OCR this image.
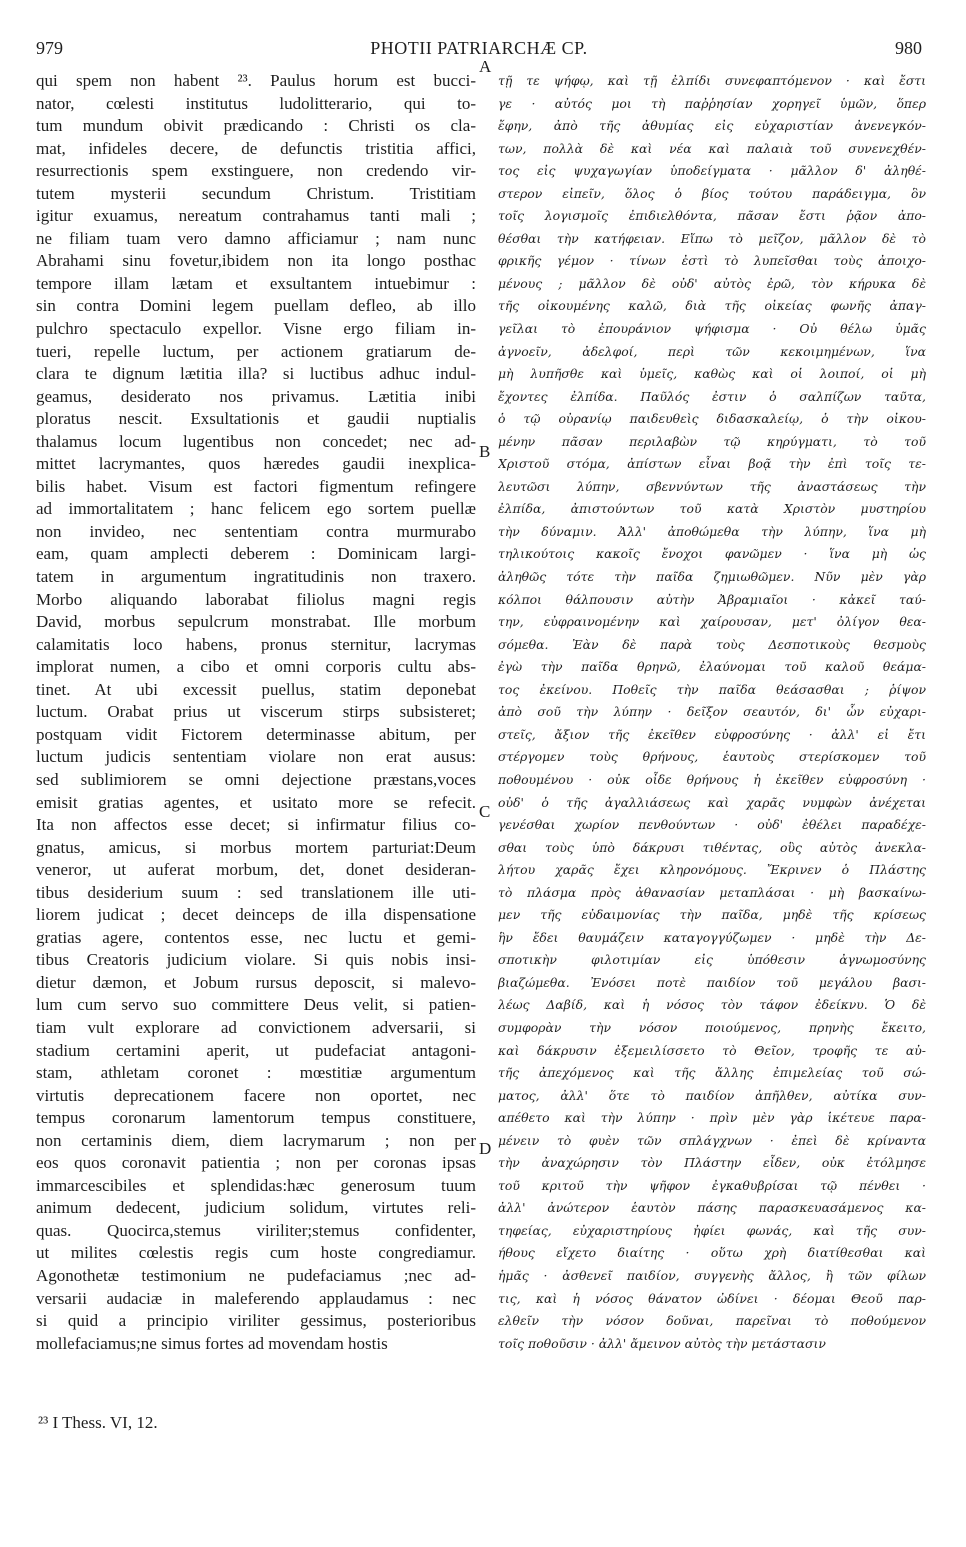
979	PHOTII PATRIARCHÆ CP.	980
qui spem non habent ²³. Paulus horum est bucci-
nator, cœlesti institutus ludolitterario, qui to-
tum mundum obivit prædicando : Christi os cla-
mat, infideles decere, de defunctis tristitia affici,
resurrectionis spem exstinguere, non credendo vir-
tutem mysterii secundum Christum. Tristitiam
igitur exuamus, nereatum contrahamus tanti mali ;
ne filiam tuam vero damno afficiamur ; nam nunc
Abrahami sinu fovetur,ibidem non ita longo posthac
tempore illam lætam et exsultantem intuebimur :
sin contra Domini legem puellam defleo, ab illo
pulchro spectaculo expellor. Visne ergo filiam in-
tueri, repelle luctum, per actionem gratiarum de-
clara te dignum lætitia illa? si luctibus adhuc indul-
geamus, desiderato nos privamus. Lætitia inibi
ploratus nescit. Exsultationis et gaudii nuptialis
thalamus locum lugentibus non concedet; nec ad-
mittet lacrymantes, quos hæredes gaudii inexplica-
bilis habet. Visum est factori figmentum refingere
ad immortalitatem ; hanc felicem ego sortem puellæ
non invideo, nec sententiam contra murmurabo
eam, quam amplecti deberem : Dominicam largi-
tatem in argumentum ingratitudinis non traxero.
Morbo aliquando laborabat filiolus magni regis
David, morbus sepulcrum monstrabat. Ille morbum
calamitatis loco habens, pronus sternitur, lacrymas
implorat numen, a cibo et omni corporis cultu abs-
tinet. At ubi excessit puellus, statim deponebat
luctum. Orabat prius ut viscerum stirps subsisteret;
postquam vidit Fictorem determinasse abitum, per
luctum judicis sententiam violare non erat ausus:
sed sublimiorem se omni dejectione præstans,voces
emisit gratias agentes, et usitato more se refecit.
Ita non affectos esse decet; si infirmatur filius co-
gnatus, amicus, si morbus mortem parturiat:Deum
veneror, ut auferat morbum, det, donet desideran-
tibus desiderium suum : sed translationem ille uti-
liorem judicat ; decet deinceps de illa dispensatione
gratias agere, contentos esse, nec luctu et gemi-
tibus Creatoris judicium violare. Si quis nobis insi-
dietur dæmon, et Jobum rursus deposcit, si malevo-
lum cum servo suo committere Deus velit, si patien-
tiam vult explorare ad convictionem adversarii, si
stadium certamini aperit, ut pudefaciat antagoni-
stam, athletam coronet : mœstitiæ argumentum
virtutis deprecationem facere non oportet, nec
tempus coronarum lamentorum tempus constituere,
non certaminis diem, diem lacrymarum ; non per
eos quos coronavit patientia ; non per coronas ipsas
immarcescibiles et splendidas:hæc generosum tuum
animum dedecent, judicium solidum, virtutes reli-
quas. Quocirca,stemus viriliter;stemus confidenter,
ut milites cœlestis regis cum hoste congrediamur.
Agonothetæ testimonium ne pudefaciamus ;nec ad-
versarii audaciæ in maleferendo applaudamus : nec
si quid a principio viriliter gessimus, posterioribus
mollefaciamus;ne simus fortes ad movendam hostis
τῇ τε ψήφῳ, καὶ τῇ ἐλπίδι συνεφαπτόμενον · καὶ ἔστι
γε · αὐτός μοι τὴ παῤῥησίαν χορηγεῖ ὑμῶν, ὅπερ
ἔφην, ἀπὸ τῆς ἀθυμίας εἰς εὐχαριστίαν ἀνενεγκόν-
των, πολλὰ δὲ καὶ νέα καὶ παλαιὰ τοῦ συνενεχθέν-
τος εἰς ψυχαγωγίαν ὑποδείγματα · μᾶλλον δ' ἀληθέ-
στερον εἰπεῖν, ὅλος ὁ βίος τούτου παράδειγμα, ὃν
τοῖς λογισμοῖς ἐπιδιελθόντα, πᾶσαν ἔστι ῥᾷον ἀπο-
θέσθαι τὴν κατήφειαν. Εἴπω τὸ μεῖζον, μᾶλλον δὲ τὸ
φρικῆς γέμον · τίνων ἐστὶ τὸ λυπεῖσθαι τοὺς ἀποιχο-
μένους ; μᾶλλον δὲ οὐδ' αὐτὸς ἐρῶ, τὸν κήρυκα δὲ
τῆς οἰκουμένης καλῶ, διὰ τῆς οἰκείας φωνῆς ἀπαγ-
γεῖλαι τὸ ἐπουράνιον ψήφισμα · Οὐ θέλω ὑμᾶς
ἀγνοεῖν, ἀδελφοί, περὶ τῶν κεκοιμημένων, ἵνα
μὴ λυπῆσθε καὶ ὑμεῖς, καθὼς καὶ οἱ λοιποί, οἱ μὴ
ἔχοντες ἐλπίδα. Παῦλός ἐστιν ὁ σαλπίζων ταῦτα,
ὁ τῷ οὐρανίῳ παιδευθεὶς διδασκαλείῳ, ὁ τὴν οἰκου-
μένην πᾶσαν περιλαβὼν τῷ κηρύγματι, τὸ τοῦ
Χριστοῦ στόμα, ἀπίστων εἶναι βοᾷ τὴν ἐπὶ τοῖς τε-
λευτῶσι λύπην, σβεννύντων τῆς ἀναστάσεως τὴν
ἐλπίδα, ἀπιστούντων τοῦ κατὰ Χριστὸν μυστηρίου
τὴν δύναμιν. Ἀλλ' ἀποθώμεθα τὴν λύπην, ἵνα μὴ
τηλικούτοις κακοῖς ἔνοχοι φανῶμεν · ἵνα μὴ ὡς
ἀληθῶς τότε τὴν παῖδα ζημιωθῶμεν. Νῦν μὲν γὰρ
κόλποι θάλπουσιν αὐτὴν Ἀβραμιαῖοι · κἀκεῖ ταύ-
την, εὐφραινομένην καὶ χαίρουσαν, μετ' ὀλίγον θεα-
σόμεθα. Ἐὰν δὲ παρὰ τοὺς Δεσποτικοὺς θεσμοὺς
ἐγὼ τὴν παῖδα θρηνῶ, ἐλαύνομαι τοῦ καλοῦ θεάμα-
τος ἐκείνου. Ποθεῖς τὴν παῖδα θεάσασθαι ; ῥίψον
ἀπὸ σοῦ τὴν λύπην · δεῖξον σεαυτόν, δι' ὧν εὐχαρι-
στεῖς, ἄξιον τῆς ἐκεῖθεν εὐφροσύνης · ἀλλ' εἰ ἔτι
στέργομεν τοὺς θρήνους, ἑαυτοὺς στερίσκομεν τοῦ
ποθουμένου · οὐκ οἶδε θρήνους ἡ ἐκεῖθεν εὐφροσύνη ·
οὐδ' ὁ τῆς ἀγαλλιάσεως καὶ χαρᾶς νυμφὼν ἀνέχεται
γενέσθαι χωρίον πενθούντων · οὐδ' ἐθέλει παραδέχε-
σθαι τοὺς ὑπὸ δάκρυσι τιθέντας, οὓς αὐτὸς ἀνεκλα-
λήτου χαρᾶς ἔχει κληρονόμους. Ἔκρινεν ὁ Πλάστης
τὸ πλάσμα πρὸς ἀθανασίαν μεταπλάσαι · μὴ βασκαίνω-
μεν τῆς εὐδαιμονίας τὴν παῖδα, μηδὲ τῆς κρίσεως
ἣν ἔδει θαυμάζειν καταγογγύζωμεν · μηδὲ τὴν Δε-
σποτικὴν φιλοτιμίαν εἰς ὑπόθεσιν ἀγνωμοσύνης
βιαζώμεθα. Ἐνόσει ποτὲ παιδίον τοῦ μεγάλου βασι-
λέως Δαβίδ, καὶ ἡ νόσος τὸν τάφον ἐδείκνυ. Ὁ δὲ
συμφορὰν τὴν νόσον ποιούμενος, πρηνὴς ἔκειτο,
καὶ δάκρυσιν ἐξεμειλίσσετο τὸ Θεῖον, τροφῆς τε αὐ-
τῆς ἀπεχόμενος καὶ τῆς ἄλλης ἐπιμελείας τοῦ σώ-
ματος, ἀλλ' ὅτε τὸ παιδίον ἀπῆλθεν, αὐτίκα συν-
απέθετο καὶ τὴν λύπην · πρὶν μὲν γὰρ ἱκέτευε παρα-
μένειν τὸ φυὲν τῶν σπλάγχνων · ἐπεὶ δὲ κρίναντα
τὴν ἀναχώρησιν τὸν Πλάστην εἶδεν, οὐκ ἐτόλμησε
τοῦ κριτοῦ τὴν ψῆφον ἐγκαθυβρίσαι τῷ πένθει ·
ἀλλ' ἀνώτερον ἑαυτὸν πάσης παρασκευασάμενος κα-
τηφείας, εὐχαριστηρίους ἠφίει φωνάς, καὶ τῆς συν-
ήθους εἴχετο διαίτης · οὕτω χρὴ διατίθεσθαι καὶ
ἡμᾶς · ἀσθενεῖ παιδίον, συγγενὴς ἄλλος, ἢ τῶν φίλων
τις, καὶ ἡ νόσος θάνατον ὠδίνει · δέομαι Θεοῦ παρ-
ελθεῖν τὴν νόσον δοῦναι, παρεῖναι τὸ ποθούμενον
τοῖς ποθοῦσιν · ἀλλ' ἄμεινον αὐτὸς τὴν μετάστασιν
A
B
C
D
²³ I Thess. VI, 12.
